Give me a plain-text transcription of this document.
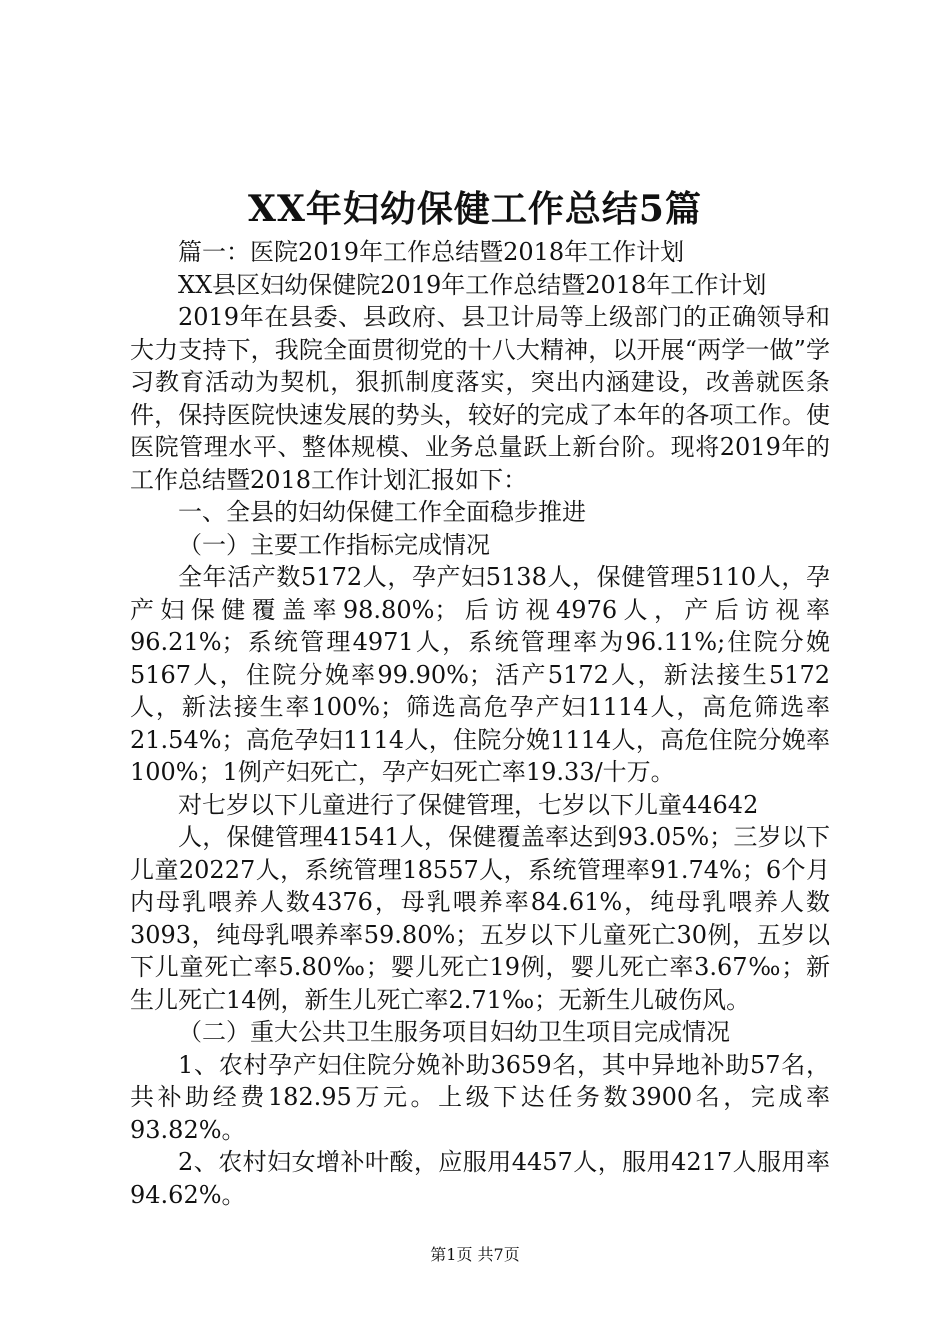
XX年妇幼保健工作总结5篇

篇一：医院2019年工作总结暨2018年工作计划

XX县区妇幼保健院2019年工作总结暨2018年工作计划

2019年在县委、县政府、县卫计局等上级部门的正确领导和大力支持下，我院全面贯彻党的十八大精神，以开展“两学一做”学习教育活动为契机，狠抓制度落实，突出内涵建设，改善就医条件，保持医院快速发展的势头，较好的完成了本年的各项工作。使医院管理水平、整体规模、业务总量跃上新台阶。现将2019年的工作总结暨2018工作计划汇报如下：

一、全县的妇幼保健工作全面稳步推进

（一）主要工作指标完成情况

全年活产数5172人，孕产妇5138人，保健管理5110人，孕产妇保健覆盖率98.80%；后访视4976人，产后访视率96.21%；系统管理4971人，系统管理率为96.11%;住院分娩5167人，住院分娩率99.90%；活产5172人，新法接生5172人，新法接生率100%；筛选高危孕产妇1114人，高危筛选率21.54%；高危孕妇1114人，住院分娩1114人，高危住院分娩率100%；1例产妇死亡，孕产妇死亡率19.33/十万。

对七岁以下儿童进行了保健管理，七岁以下儿童44642

人，保健管理41541人，保健覆盖率达到93.05%；三岁以下儿童20227人，系统管理18557人，系统管理率91.74%；6个月内母乳喂养人数4376，母乳喂养率84.61%，纯母乳喂养人数3093，纯母乳喂养率59.80%；五岁以下儿童死亡30例，五岁以下儿童死亡率5.80‰；婴儿死亡19例，婴儿死亡率3.67‰；新生儿死亡14例，新生儿死亡率2.71‰；无新生儿破伤风。

（二）重大公共卫生服务项目妇幼卫生项目完成情况

1、农村孕产妇住院分娩补助3659名，其中异地补助57名，共补助经费182.95万元。上级下达任务数3900名，完成率93.82%。

2、农村妇女增补叶酸，应服用4457人，服用4217人服用率94.62%。

第1页 共7页
